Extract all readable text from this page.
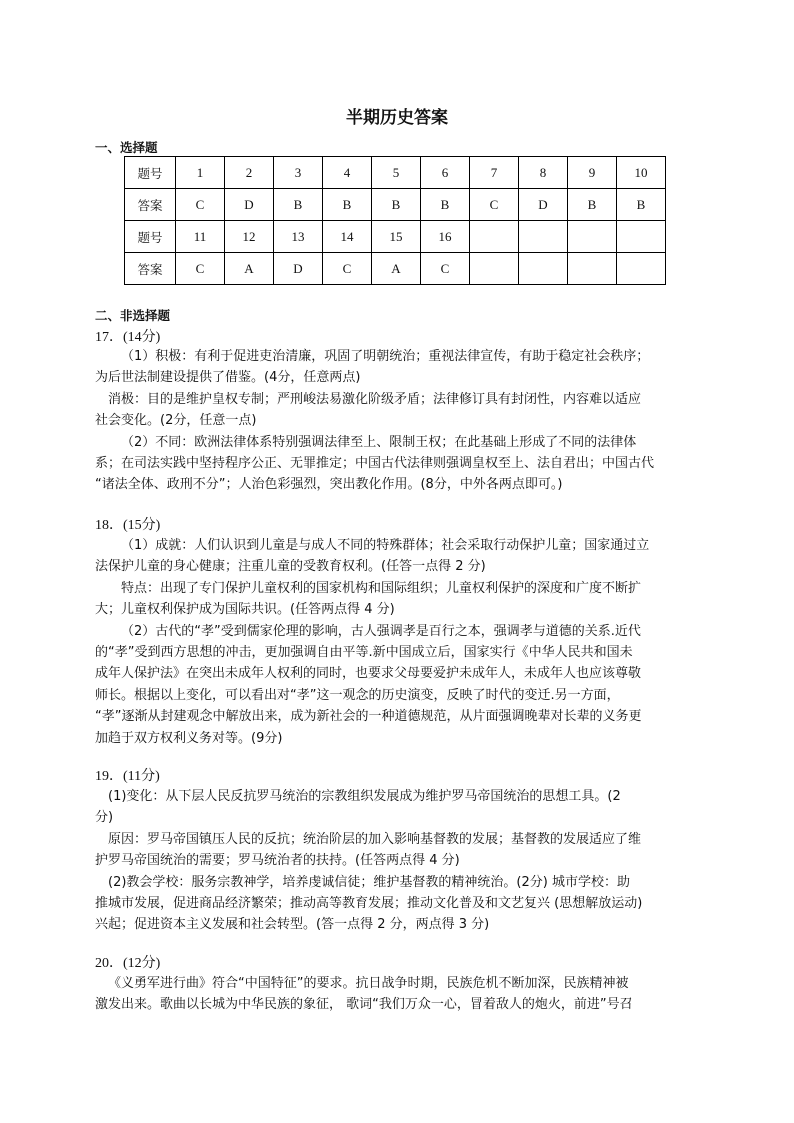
半期历史答案
一、选择题
题号	1	2	3	4	5	6	7	8	9	10
答案	C	D	B	B	B	B	C	D	B	B
题号	11	12	13	14	15	16				
答案	C	A	D	C	A	C				
二、非选择题
17．(14分)
（1）积极：有利于促进吏治清廉，巩固了明朝统治；重视法律宣传，有助于稳定社会秩序；
为后世法制建设提供了借鉴。(4分，任意两点)
消极：目的是维护皇权专制；严刑峻法易激化阶级矛盾；法律修订具有封闭性，内容难以适应
社会变化。(2分，任意一点)
（2）不同：欧洲法律体系特别强调法律至上、限制王权；在此基础上形成了不同的法律体
系；在司法实践中坚持程序公正、无罪推定；中国古代法律则强调皇权至上、法自君出；中国古代
“诸法全体、政刑不分”；人治色彩强烈，突出教化作用。(8分，中外各两点即可。)
18．(15分)
（1）成就：人们认识到儿童是与成人不同的特殊群体；社会采取行动保护儿童；国家通过立
法保护儿童的身心健康；注重儿童的受教育权利。(任答一点得 2 分)
特点：出现了专门保护儿童权利的国家机构和国际组织；儿童权利保护的深度和广度不断扩
大；儿童权利保护成为国际共识。(任答两点得 4 分)
（2）古代的“孝”受到儒家伦理的影响，古人强调孝是百行之本，强调孝与道德的关系.近代
的“孝”受到西方思想的冲击，更加强调自由平等.新中国成立后，国家实行《中华人民共和国未
成年人保护法》在突出未成年人权利的同时，也要求父母要爱护未成年人，未成年人也应该尊敬
师长。根据以上变化，可以看出对“孝”这一观念的历史演变，反映了时代的变迁.另一方面，
“孝”逐渐从封建观念中解放出来，成为新社会的一种道德规范，从片面强调晚辈对长辈的义务更
加趋于双方权利义务对等。(9分)
19．(11分)
(1)变化：从下层人民反抗罗马统治的宗教组织发展成为维护罗马帝国统治的思想工具。(2
分)
原因：罗马帝国镇压人民的反抗；统治阶层的加入影响基督教的发展；基督教的发展适应了维
护罗马帝国统治的需要；罗马统治者的扶持。(任答两点得 4 分)
(2)教会学校：服务宗教神学，培养虔诚信徒；维护基督教的精神统治。(2分) 城市学校：助
推城市发展，促进商品经济繁荣；推动高等教育发展；推动文化普及和文艺复兴 (思想解放运动)
兴起；促进资本主义发展和社会转型。(答一点得 2 分，两点得 3 分)
20．(12分)
《义勇军进行曲》符合“中国特征”的要求。抗日战争时期，民族危机不断加深，民族精神被
激发出来。歌曲以长城为中华民族的象征， 歌词“我们万众一心，冒着敌人的炮火，前进”号召
